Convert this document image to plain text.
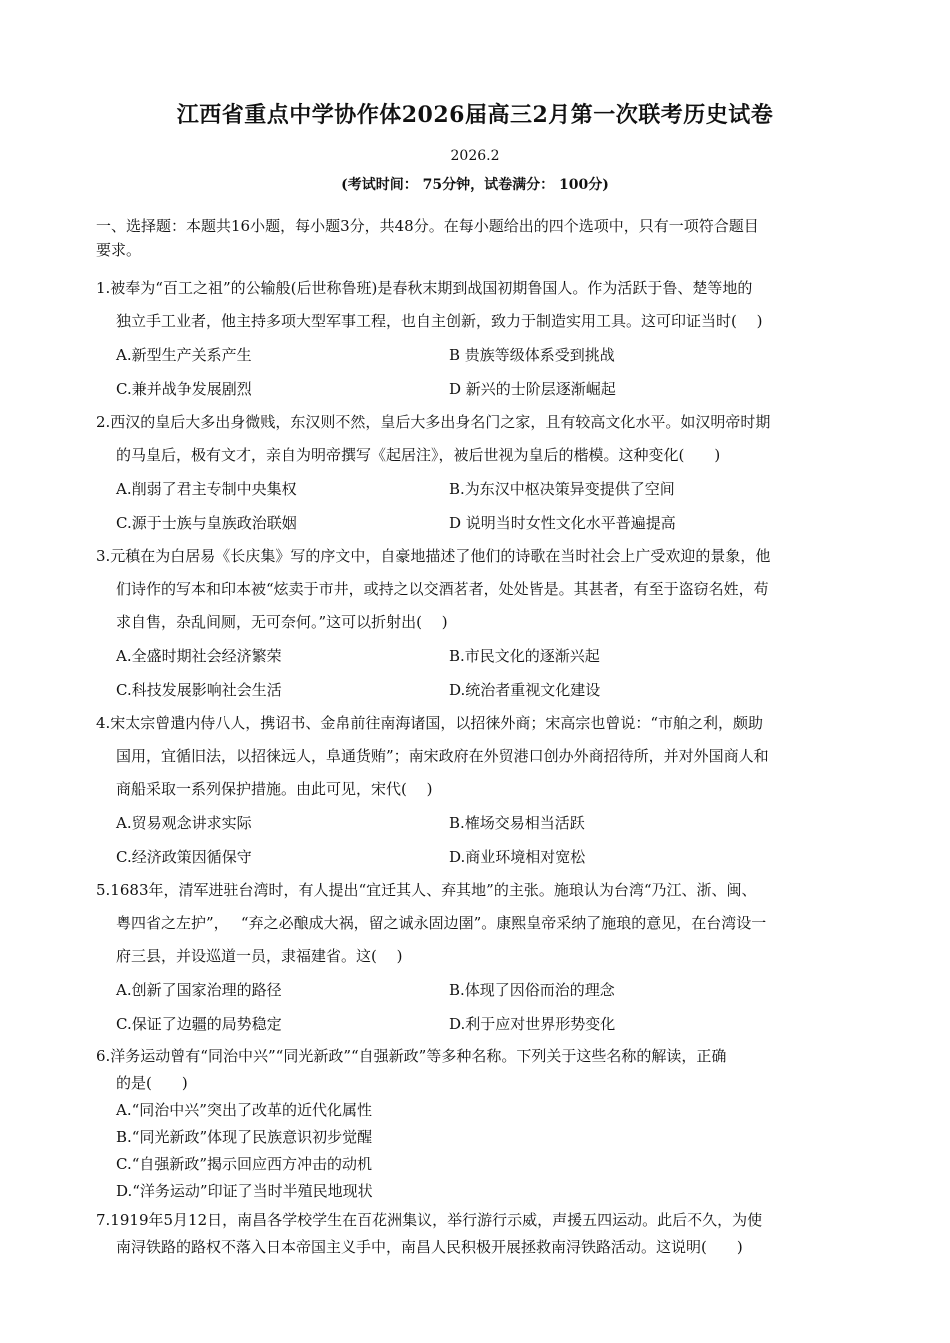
江西省重点中学协作体2026届高三2月第一次联考历史试卷
2026.2
(考试时间： 75分钟，试卷满分： 100分)
一、选择题：本题共16小题，每小题3分，共48分。在每小题给出的四个选项中，只有一项符合题目
要求。
1.被奉为“百工之祖”的公输般(后世称鲁班)是春秋末期到战国初期鲁国人。作为活跃于鲁、楚等地的
独立手工业者，他主持多项大型军事工程，也自主创新，致力于制造实用工具。这可印证当时(　 )
A.新型生产关系产生	B 贵族等级体系受到挑战
C.兼并战争发展剧烈	D 新兴的士阶层逐渐崛起
2.西汉的皇后大多出身微贱，东汉则不然，皇后大多出身名门之家，且有较高文化水平。如汉明帝时期
的马皇后，极有文才，亲自为明帝撰写《起居注》，被后世视为皇后的楷模。这种变化(　　)
A.削弱了君主专制中央集权	B.为东汉中枢决策异变提供了空间
C.源于士族与皇族政治联姻	D 说明当时女性文化水平普遍提高
3.元稹在为白居易《长庆集》写的序文中，自豪地描述了他们的诗歌在当时社会上广受欢迎的景象，他
们诗作的写本和印本被“炫卖于市井，或持之以交酒茗者，处处皆是。其甚者，有至于盗窃名姓，苟
求自售，杂乱间厕，无可奈何。”这可以折射出(　 )
A.全盛时期社会经济繁荣	B.市民文化的逐渐兴起
C.科技发展影响社会生活	D.统治者重视文化建设
4.宋太宗曾遣内侍八人，携诏书、金帛前往南海诸国，以招徕外商；宋高宗也曾说：“市舶之利，颇助
国用，宜循旧法，以招徕远人，阜通货贿”；南宋政府在外贸港口创办外商招待所，并对外国商人和
商船采取一系列保护措施。由此可见，宋代(　 )
A.贸易观念讲求实际	B.榷场交易相当活跃
C.经济政策因循保守	D.商业环境相对宽松
5.1683年，清军进驻台湾时，有人提出“宜迁其人、弃其地”的主张。施琅认为台湾“乃江、浙、闽、
粤四省之左护”，　 “弃之必酿成大祸，留之诚永固边圉”。康熙皇帝采纳了施琅的意见，在台湾设一
府三县，并设巡道一员，隶福建省。这(　 )
A.创新了国家治理的路径	B.体现了因俗而治的理念
C.保证了边疆的局势稳定	D.利于应对世界形势变化
6.洋务运动曾有“同治中兴”“同光新政”“自强新政”等多种名称。下列关于这些名称的解读，正确
的是(　　)
A.“同治中兴”突出了改革的近代化属性
B.“同光新政”体现了民族意识初步觉醒
C.“自强新政”揭示回应西方冲击的动机
D.“洋务运动”印证了当时半殖民地现状
7.1919年5月12日，南昌各学校学生在百花洲集议，举行游行示威，声援五四运动。此后不久，为使
南浔铁路的路权不落入日本帝国主义手中，南昌人民积极开展拯救南浔铁路活动。这说明(　　)
